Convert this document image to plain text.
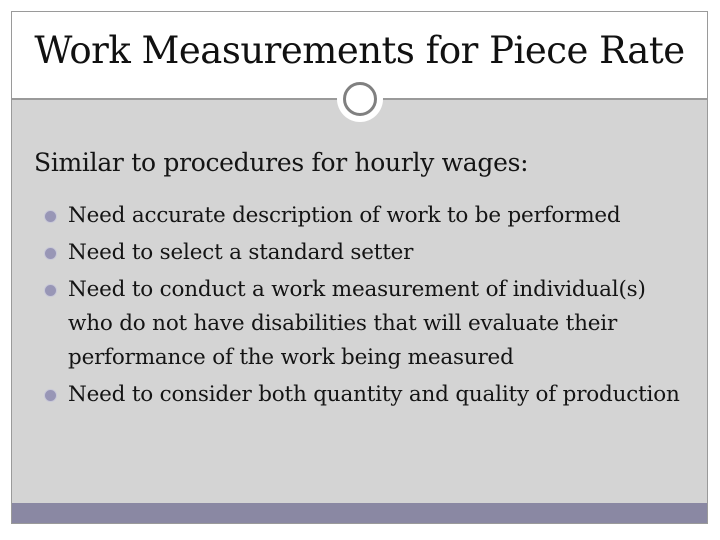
Work Measurements for Piece Rate
Similar to procedures for hourly wages:
Need accurate description of work to be performed
Need to select a standard setter
Need to conduct a work measurement of individual(s) who do not have disabilities that will evaluate their performance of the work being measured
Need to consider both quantity and quality of production
